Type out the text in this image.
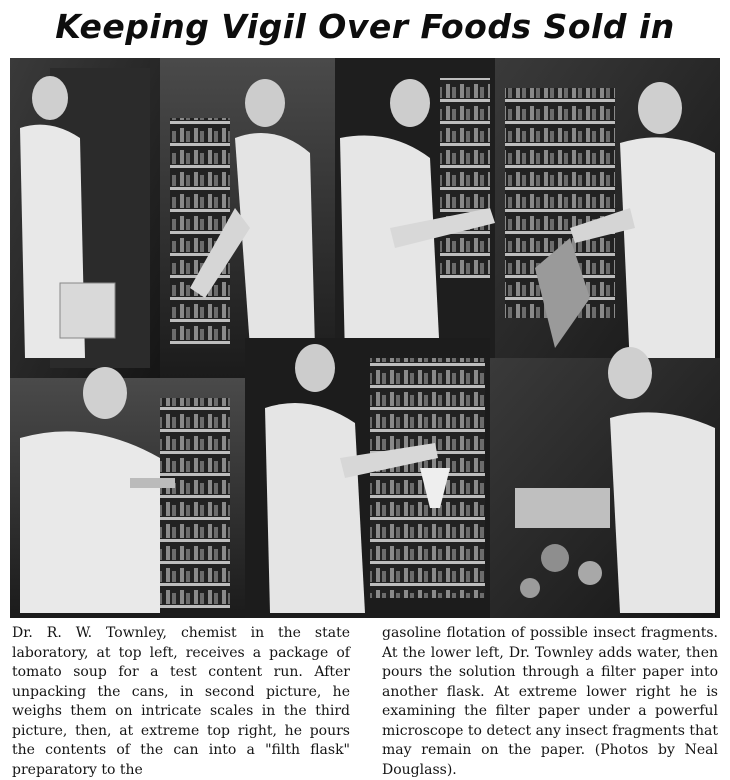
Keeping Vigil Over Foods Sold in
Dr. R. W. Townley, chemist in the state laboratory, at top left, receives a package of tomato soup for a test content run. After unpacking the cans, in second picture, he weighs them on intricate scales in the third picture, then, at extreme top right, he pours the contents of the can into a "filth flask" preparatory to the
gasoline flotation of possible insect fragments. At the lower left, Dr. Townley adds water, then pours the solution through a filter paper into another flask. At extreme lower right he is examining the filter paper under a powerful microscope to detect any insect fragments that may remain on the paper. (Photos by Neal Douglass).
